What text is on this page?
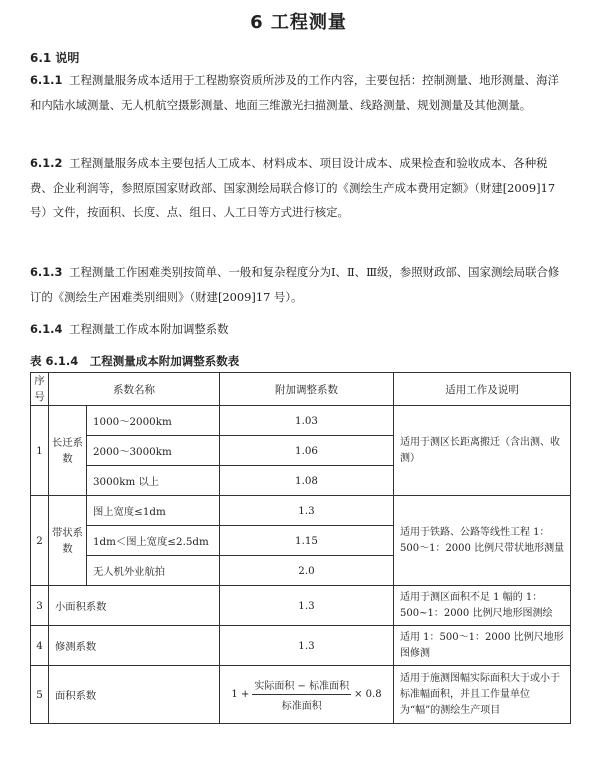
6 工程测量
6.1 说明
6.1.1 工程测量服务成本适用于工程勘察资质所涉及的工作内容，主要包括：控制测量、地形测量、海洋和内陆水域测量、无人机航空摄影测量、地面三维激光扫描测量、线路测量、规划测量及其他测量。
6.1.2 工程测量服务成本主要包括人工成本、材料成本、项目设计成本、成果检查和验收成本、各种税费、企业利润等，参照原国家财政部、国家测绘局联合修订的《测绘生产成本费用定额》（财建[2009]17 号）文件，按面积、长度、点、组日、人工日等方式进行核定。
6.1.3 工程测量工作困难类别按简单、一般和复杂程度分为Ⅰ、Ⅱ、Ⅲ级，参照财政部、国家测绘局联合修订的《测绘生产困难类别细则》（财建[2009]17 号）。
6.1.4 工程测量工作成本附加调整系数
表 6.1.4　工程测量成本附加调整系数表
序号	系数名称		附加调整系数	适用工作及说明
1	长迁系数	1000～2000km	1.03	适用于测区长距离搬迁（含出测、收测）
		2000～3000km	1.06	
		3000km 以上	1.08	
2	带状系数	图上宽度≤1dm	1.3	适用于铁路、公路等线性工程 1：500～1：2000 比例尺带状地形测量
		1dm＜图上宽度≤2.5dm	1.15	
		无人机外业航拍	2.0	
3	小面积系数		1.3	适用于测区面积不足 1 幅的 1：500~1：2000 比例尺地形图测绘
4	修测系数		1.3	适用 1：500～1：2000 比例尺地形图修测
5	面积系数		$1 + \frac{\text{实际面积 − 标准面积}}{\text{标准面积}} \times 0.8$	适用于施测图幅实际面积大于或小于标准幅面积，并且工作量单位为“幅”的测绘生产项目
